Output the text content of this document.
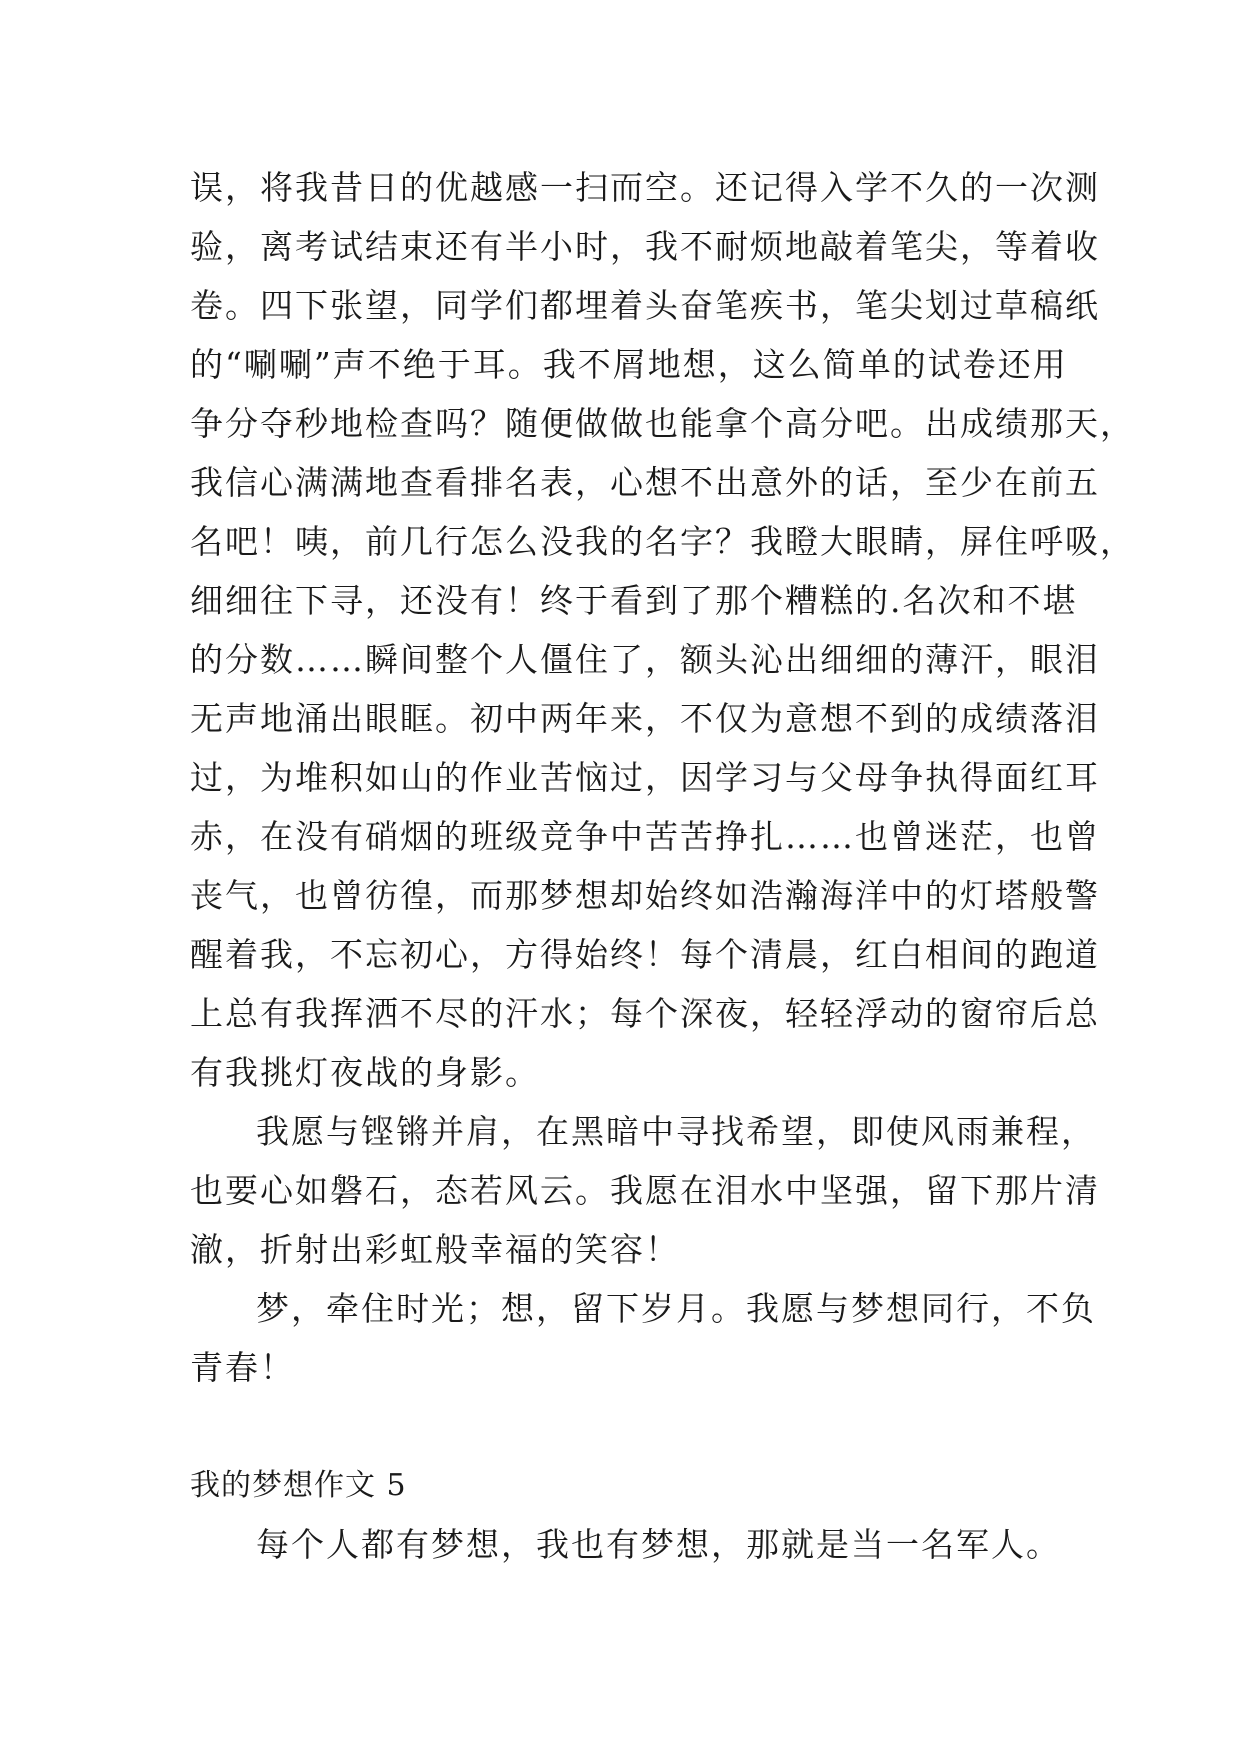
误，将我昔日的优越感一扫而空。还记得入学不久的一次测
验，离考试结束还有半小时，我不耐烦地敲着笔尖，等着收
卷。四下张望，同学们都埋着头奋笔疾书，笔尖划过草稿纸
的“唰唰”声不绝于耳。我不屑地想，这么简单的试卷还用
争分夺秒地检查吗？随便做做也能拿个高分吧。出成绩那天，
我信心满满地查看排名表，心想不出意外的话，至少在前五
名吧！咦，前几行怎么没我的名字？我瞪大眼睛，屏住呼吸，
细细往下寻，还没有！终于看到了那个糟糕的.名次和不堪
的分数……瞬间整个人僵住了，额头沁出细细的薄汗，眼泪
无声地涌出眼眶。初中两年来，不仅为意想不到的成绩落泪
过，为堆积如山的作业苦恼过，因学习与父母争执得面红耳
赤，在没有硝烟的班级竞争中苦苦挣扎……也曾迷茫，也曾
丧气，也曾彷徨，而那梦想却始终如浩瀚海洋中的灯塔般警
醒着我，不忘初心，方得始终！每个清晨，红白相间的跑道
上总有我挥洒不尽的汗水；每个深夜，轻轻浮动的窗帘后总
有我挑灯夜战的身影。

我愿与铿锵并肩，在黑暗中寻找希望，即使风雨兼程，
也要心如磐石，态若风云。我愿在泪水中坚强，留下那片清
澈，折射出彩虹般幸福的笑容！

梦，牵住时光；想，留下岁月。我愿与梦想同行，不负
青春！

我的梦想作文 5

每个人都有梦想，我也有梦想，那就是当一名军人。
